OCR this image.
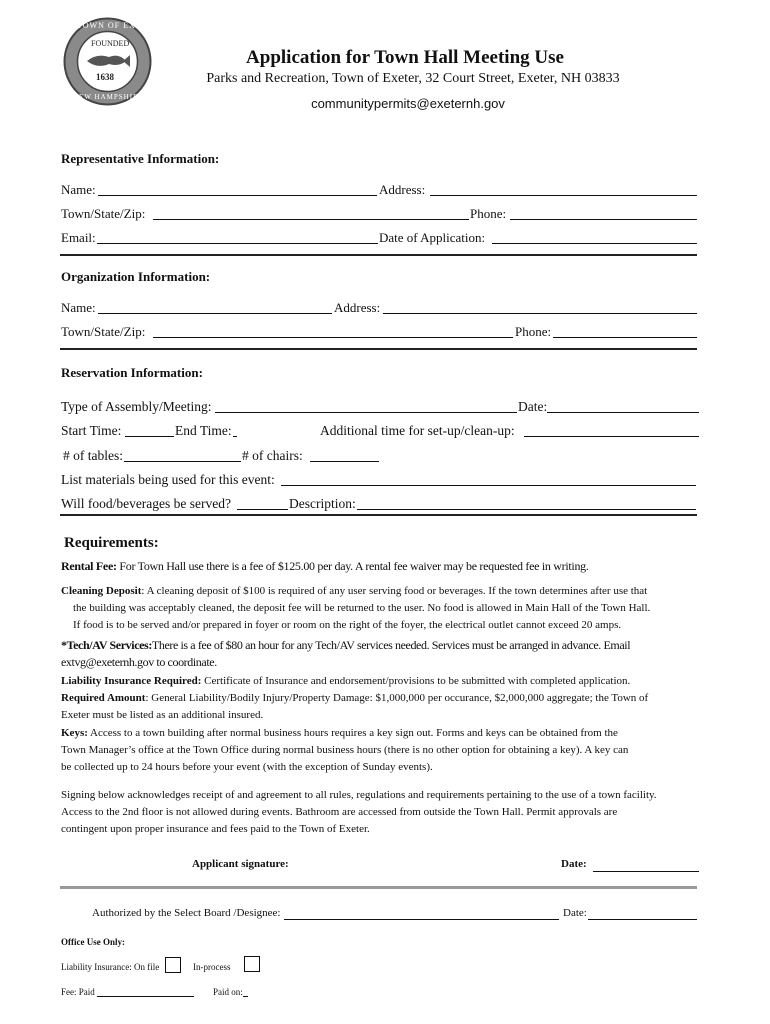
TOWN OF EXETER
NEW HAMPSHIRE
FOUNDED
1638
Application for Town Hall Meeting Use
Parks and Recreation, Town of Exeter, 32 Court Street, Exeter, NH 03833
communitypermits@exeternh.gov
Representative Information:
Name:	Address:
Town/State/Zip:	Phone:
Email:	Date of Application:
Organization Information:
Name:	Address:
Town/State/Zip:	Phone:
Reservation Information:
Type of Assembly/Meeting:	Date:
Start Time:	End Time:	Additional time for set-up/clean-up:
# of tables:	# of chairs:
List materials being used for this event:
Will food/beverages be served?	Description:
Requirements:
Rental Fee: For Town Hall use there is a fee of $125.00 per day. A rental fee waiver may be requested fee in writing.
Cleaning Deposit: A cleaning deposit of $100 is required of any user serving food or beverages. If the town determines after use that
the building was acceptably cleaned, the deposit fee will be returned to the user. No food is allowed in Main Hall of the Town Hall.
If food is to be served and/or prepared in foyer or room on the right of the foyer, the electrical outlet cannot exceed 20 amps.
*Tech/AV Services:There is a fee of $80 an hour for any Tech/AV services needed. Services must be arranged in advance. Email
extvg@exeternh.gov to coordinate.
Liability Insurance Required: Certificate of Insurance and endorsement/provisions to be submitted with completed application.
Required Amount: General Liability/Bodily Injury/Property Damage: $1,000,000 per occurance, $2,000,000 aggregate; the Town of
Exeter must be listed as an additional insured.
Keys: Access to a town building after normal business hours requires a key sign out. Forms and keys can be obtained from the
Town Manager’s office at the Town Office during normal business hours (there is no other option for obtaining a key). A key can
be collected up to 24 hours before your event (with the exception of Sunday events).
Signing below acknowledges receipt of and agreement to all rules, regulations and requirements pertaining to the use of a town facility.
Access to the 2nd floor is not allowed during events. Bathroom are accessed from outside the Town Hall. Permit approvals are
contingent upon proper insurance and fees paid to the Town of Exeter.
Applicant signature:	Date:
Authorized by the Select Board /Designee:	Date:
Office Use Only:
Liability Insurance: On file	In-process
Fee: Paid	Paid on:
